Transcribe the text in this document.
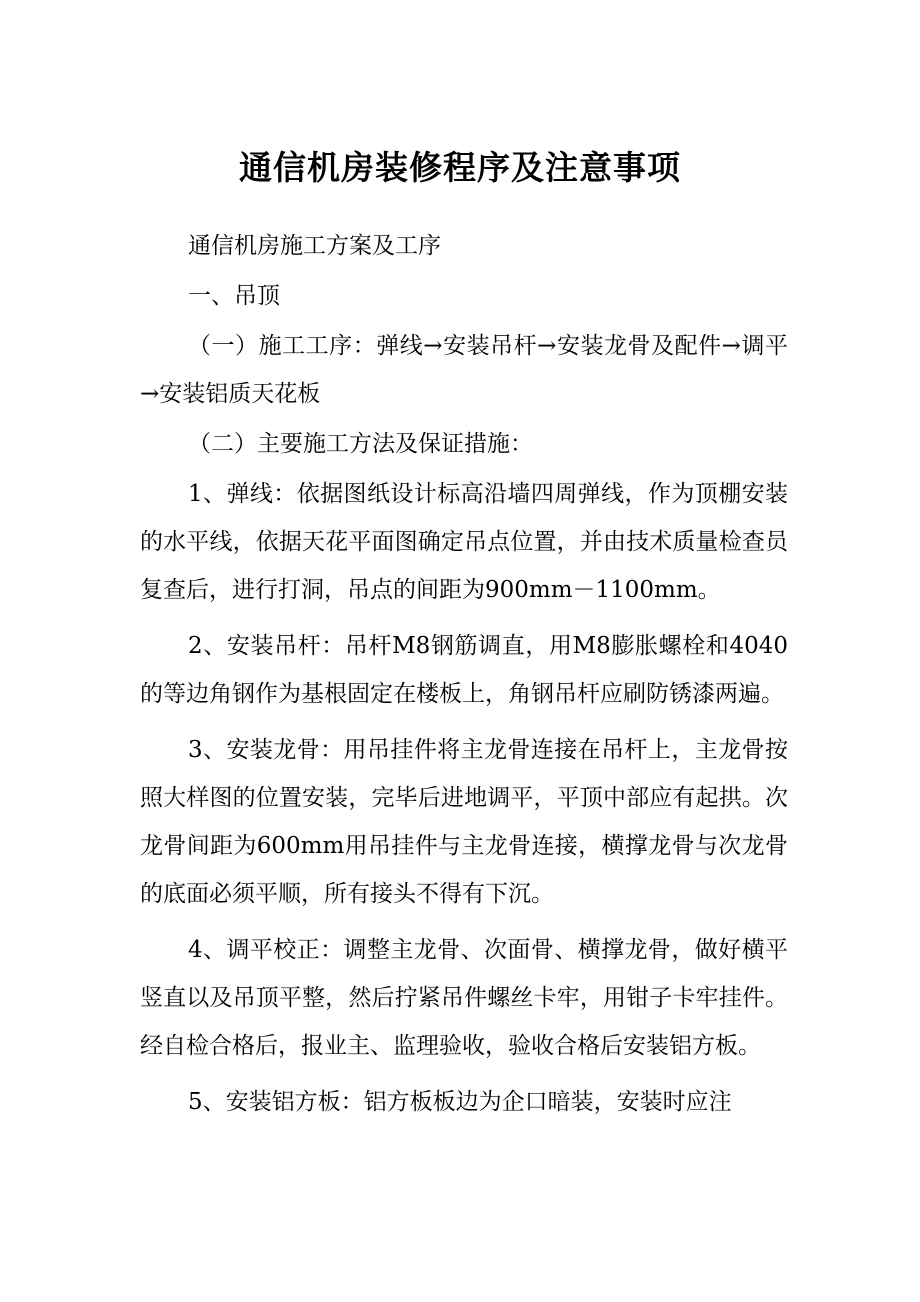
通信机房装修程序及注意事项

通信机房施工方案及工序

一、吊顶

（一）施工工序：弹线→安装吊杆→安装龙骨及配件→调平→安装铝质天花板

（二）主要施工方法及保证措施：

1、弹线：依据图纸设计标高沿墙四周弹线，作为顶棚安装的水平线，依据天花平面图确定吊点位置，并由技术质量检查员复查后，进行打洞，吊点的间距为900mm－1100mm。

2、安装吊杆：吊杆M8钢筋调直，用M8膨胀螺栓和4040的等边角钢作为基根固定在楼板上，角钢吊杆应刷防锈漆两遍。

3、安装龙骨：用吊挂件将主龙骨连接在吊杆上，主龙骨按照大样图的位置安装，完毕后进地调平，平顶中部应有起拱。次龙骨间距为600mm用吊挂件与主龙骨连接，横撑龙骨与次龙骨的底面必须平顺，所有接头不得有下沉。

4、调平校正：调整主龙骨、次面骨、横撑龙骨，做好横平竖直以及吊顶平整，然后拧紧吊件螺丝卡牢，用钳子卡牢挂件。经自检合格后，报业主、监理验收，验收合格后安装铝方板。

5、安装铝方板：铝方板板边为企口暗装，安装时应注
